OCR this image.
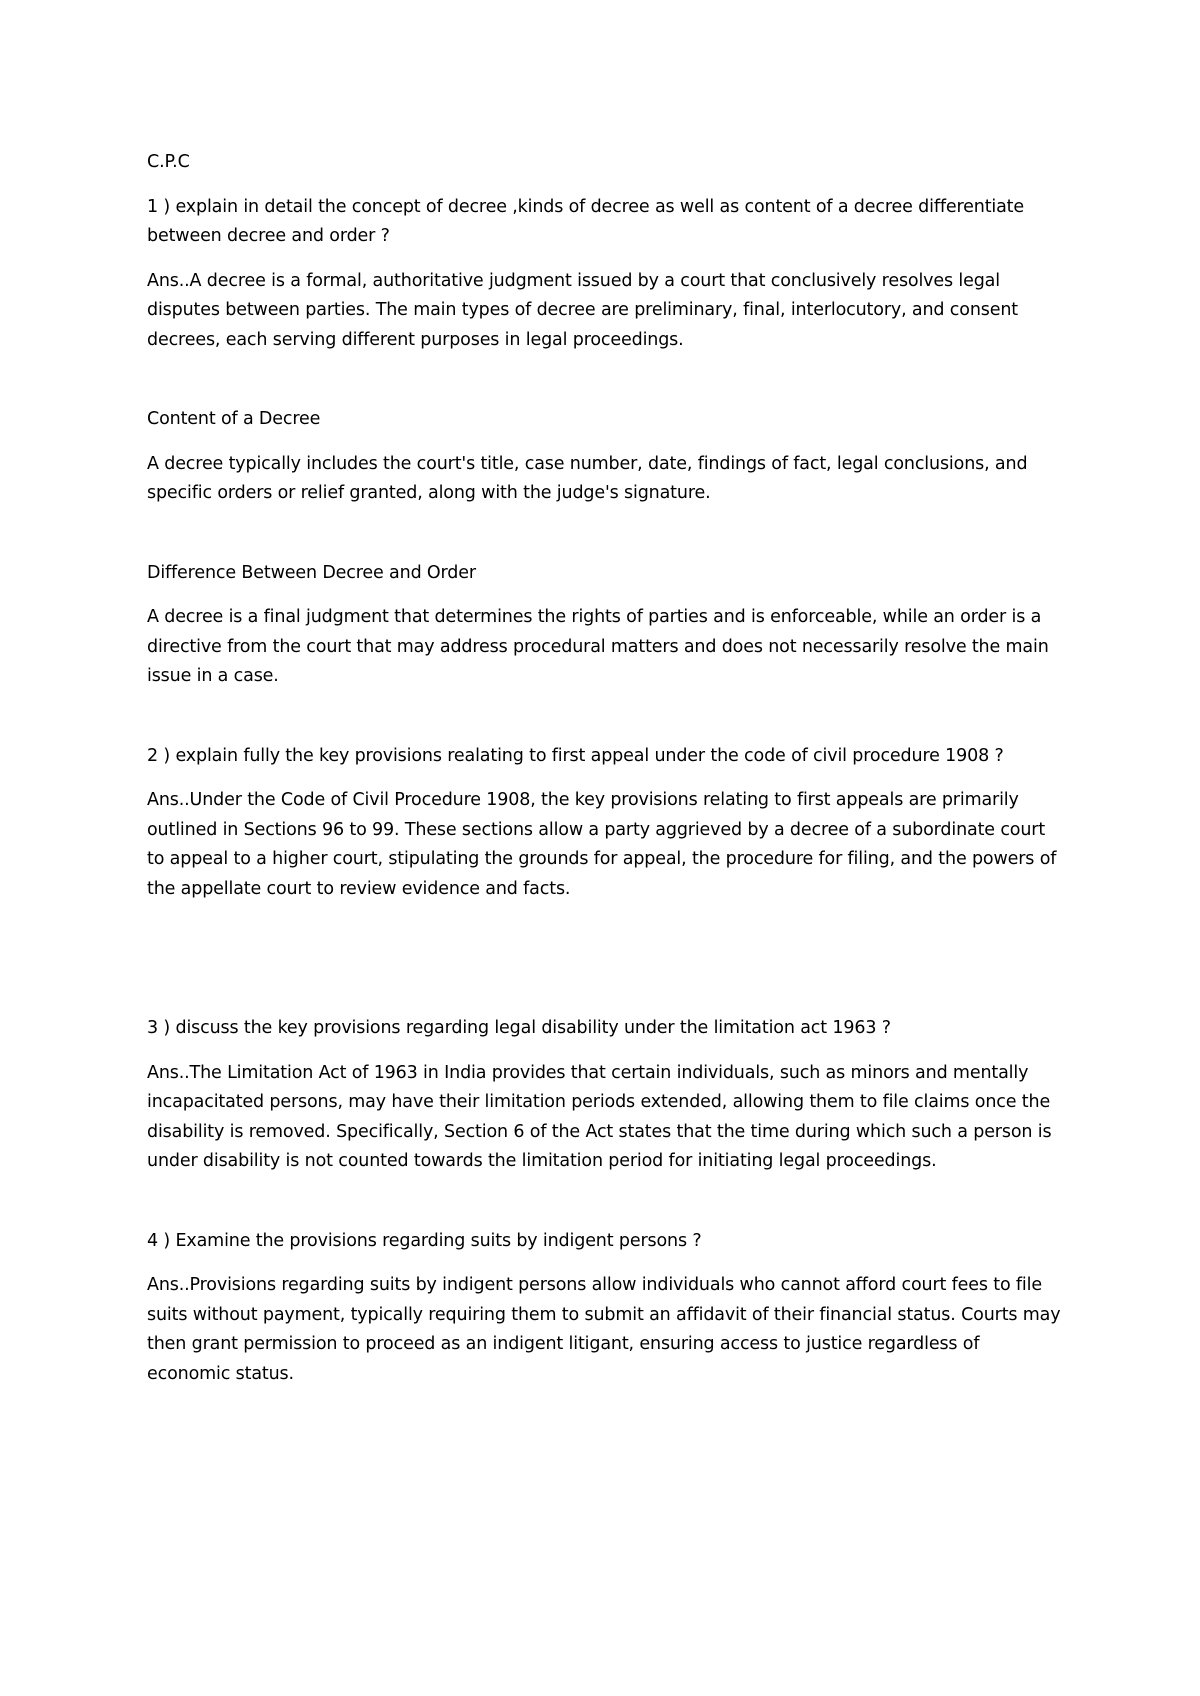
C.P.C

1 ) explain in detail the concept of decree ,kinds of decree as well as content of a decree differentiate between decree and order ?

Ans..A decree is a formal, authoritative judgment issued by a court that conclusively resolves legal disputes between parties. The main types of decree are preliminary, final, interlocutory, and consent decrees, each serving different purposes in legal proceedings.

Content of a Decree

A decree typically includes the court's title, case number, date, findings of fact, legal conclusions, and specific orders or relief granted, along with the judge's signature.

Difference Between Decree and Order

A decree is a final judgment that determines the rights of parties and is enforceable, while an order is a directive from the court that may address procedural matters and does not necessarily resolve the main issue in a case.

2 ) explain fully the key provisions realating to first appeal under the code of civil procedure 1908 ?

Ans..Under the Code of Civil Procedure 1908, the key provisions relating to first appeals are primarily outlined in Sections 96 to 99. These sections allow a party aggrieved by a decree of a subordinate court to appeal to a higher court, stipulating the grounds for appeal, the procedure for filing, and the powers of the appellate court to review evidence and facts.

3 ) discuss the key provisions regarding legal disability under the limitation act 1963 ?

Ans..The Limitation Act of 1963 in India provides that certain individuals, such as minors and mentally incapacitated persons, may have their limitation periods extended, allowing them to file claims once the disability is removed. Specifically, Section 6 of the Act states that the time during which such a person is under disability is not counted towards the limitation period for initiating legal proceedings.

4 ) Examine the provisions regarding suits by indigent persons ?

Ans..Provisions regarding suits by indigent persons allow individuals who cannot afford court fees to file suits without payment, typically requiring them to submit an affidavit of their financial status. Courts may then grant permission to proceed as an indigent litigant, ensuring access to justice regardless of economic status.
